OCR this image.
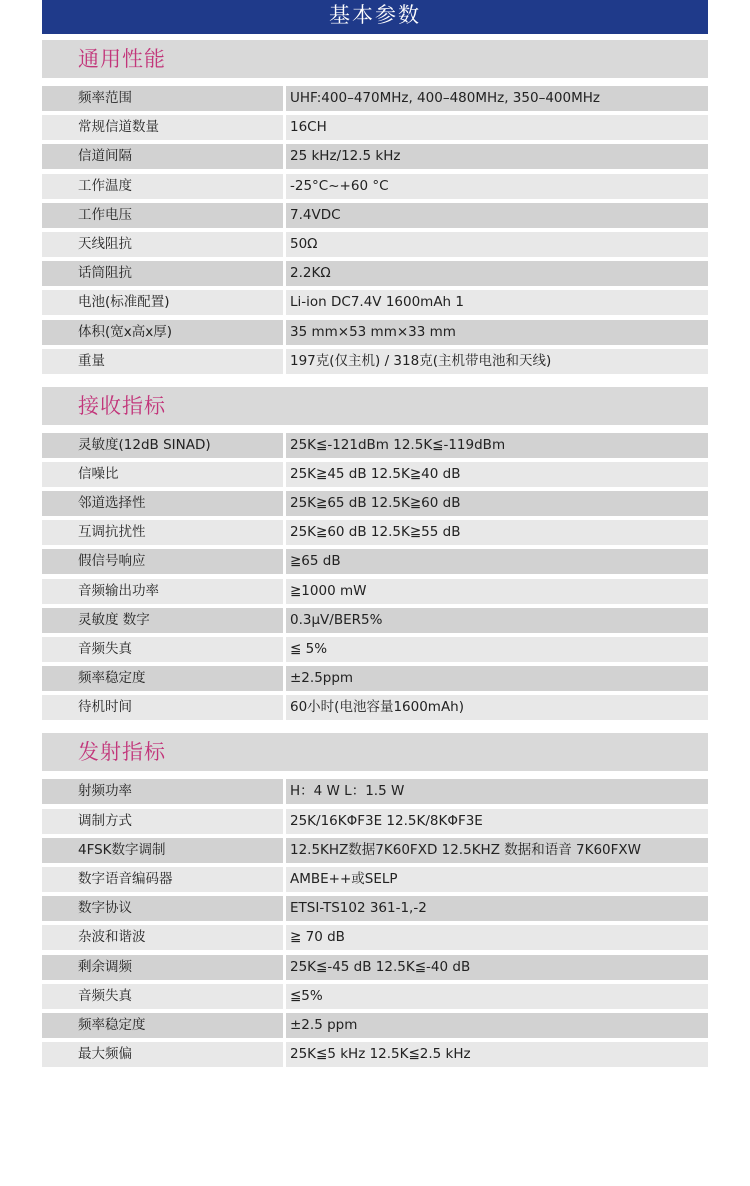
基本参数
通用性能
频率范围	UHF:400–470MHz, 400–480MHz, 350–400MHz
常规信道数量	16CH
信道间隔	25 kHz/12.5 kHz
工作温度	-25°C~+60 °C
工作电压	7.4VDC
天线阻抗	50Ω
话筒阻抗	2.2KΩ
电池(标准配置)	Li-ion DC7.4V 1600mAh 1
体积(宽x高x厚)	35 mm×53 mm×33 mm
重量	197克(仅主机) / 318克(主机带电池和天线)
接收指标
灵敏度(12dB SINAD)	25K≦-121dBm 12.5K≦-119dBm
信噪比	25K≧45 dB 12.5K≧40 dB
邻道选择性	25K≧65 dB 12.5K≧60 dB
互调抗扰性	25K≧60 dB 12.5K≧55 dB
假信号响应	≧65 dB
音频输出功率	≧1000 mW
灵敏度 数字	0.3μV/BER5%
音频失真	≦ 5%
频率稳定度	±2.5ppm
待机时间	60小时(电池容量1600mAh)
发射指标
射频功率	H：4 W L：1.5 W
调制方式	25K/16KΦF3E 12.5K/8KΦF3E
4FSK数字调制	12.5KHZ数据7K60FXD 12.5KHZ 数据和语音 7K60FXW
数字语音编码器	AMBE++或SELP
数字协议	ETSI-TS102 361-1,-2
杂波和谐波	≧ 70 dB
剩余调频	25K≦-45 dB 12.5K≦-40 dB
音频失真	≦5%
频率稳定度	±2.5 ppm
最大频偏	25K≦5 kHz 12.5K≦2.5 kHz
